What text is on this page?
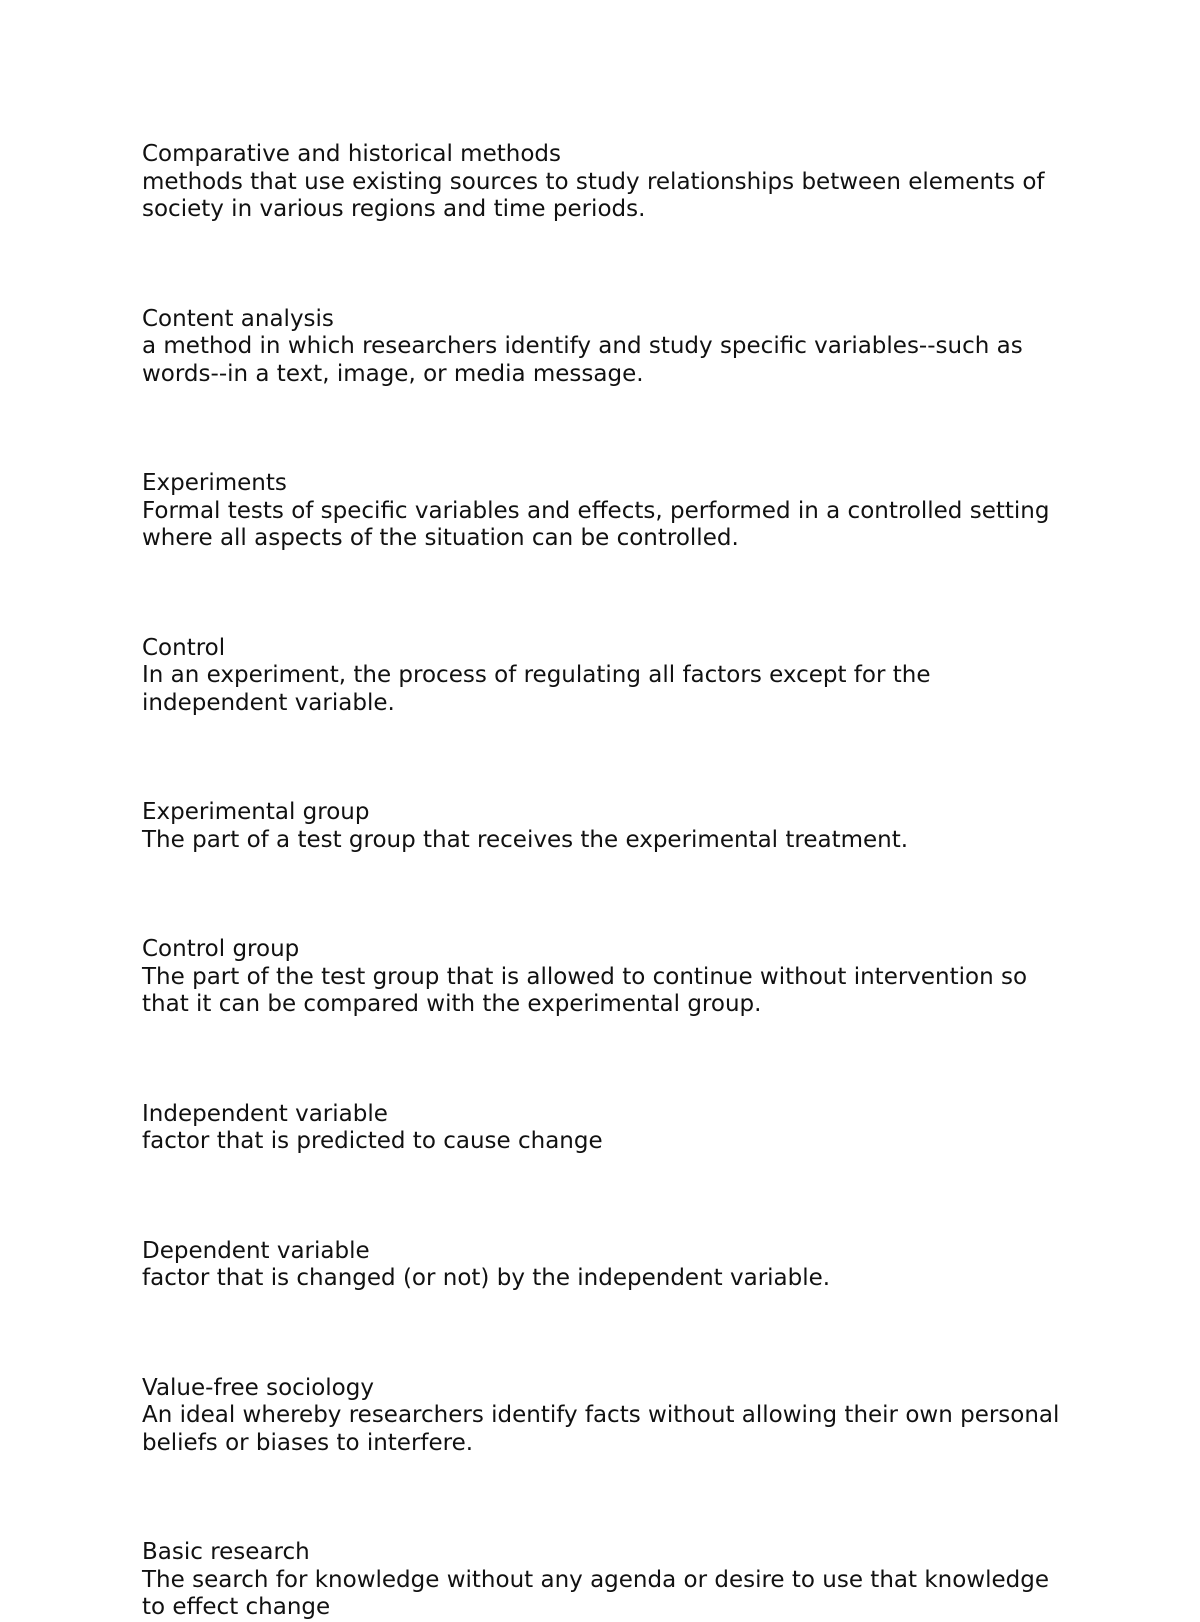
Comparative and historical methods
methods that use existing sources to study relationships between elements of society in various regions and time periods.
Content analysis
a method in which researchers identify and study specific variables--such as words--in a text, image, or media message.
Experiments
Formal tests of specific variables and effects, performed in a controlled setting where all aspects of the situation can be controlled.
Control
In an experiment, the process of regulating all factors except for the independent variable.
Experimental group
The part of a test group that receives the experimental treatment.
Control group
The part of the test group that is allowed to continue without intervention so that it can be compared with the experimental group.
Independent variable
factor that is predicted to cause change
Dependent variable
factor that is changed (or not) by the independent variable.
Value-free sociology
An ideal whereby researchers identify facts without allowing their own personal beliefs or biases to interfere.
Basic research
The search for knowledge without any agenda or desire to use that knowledge to effect change
